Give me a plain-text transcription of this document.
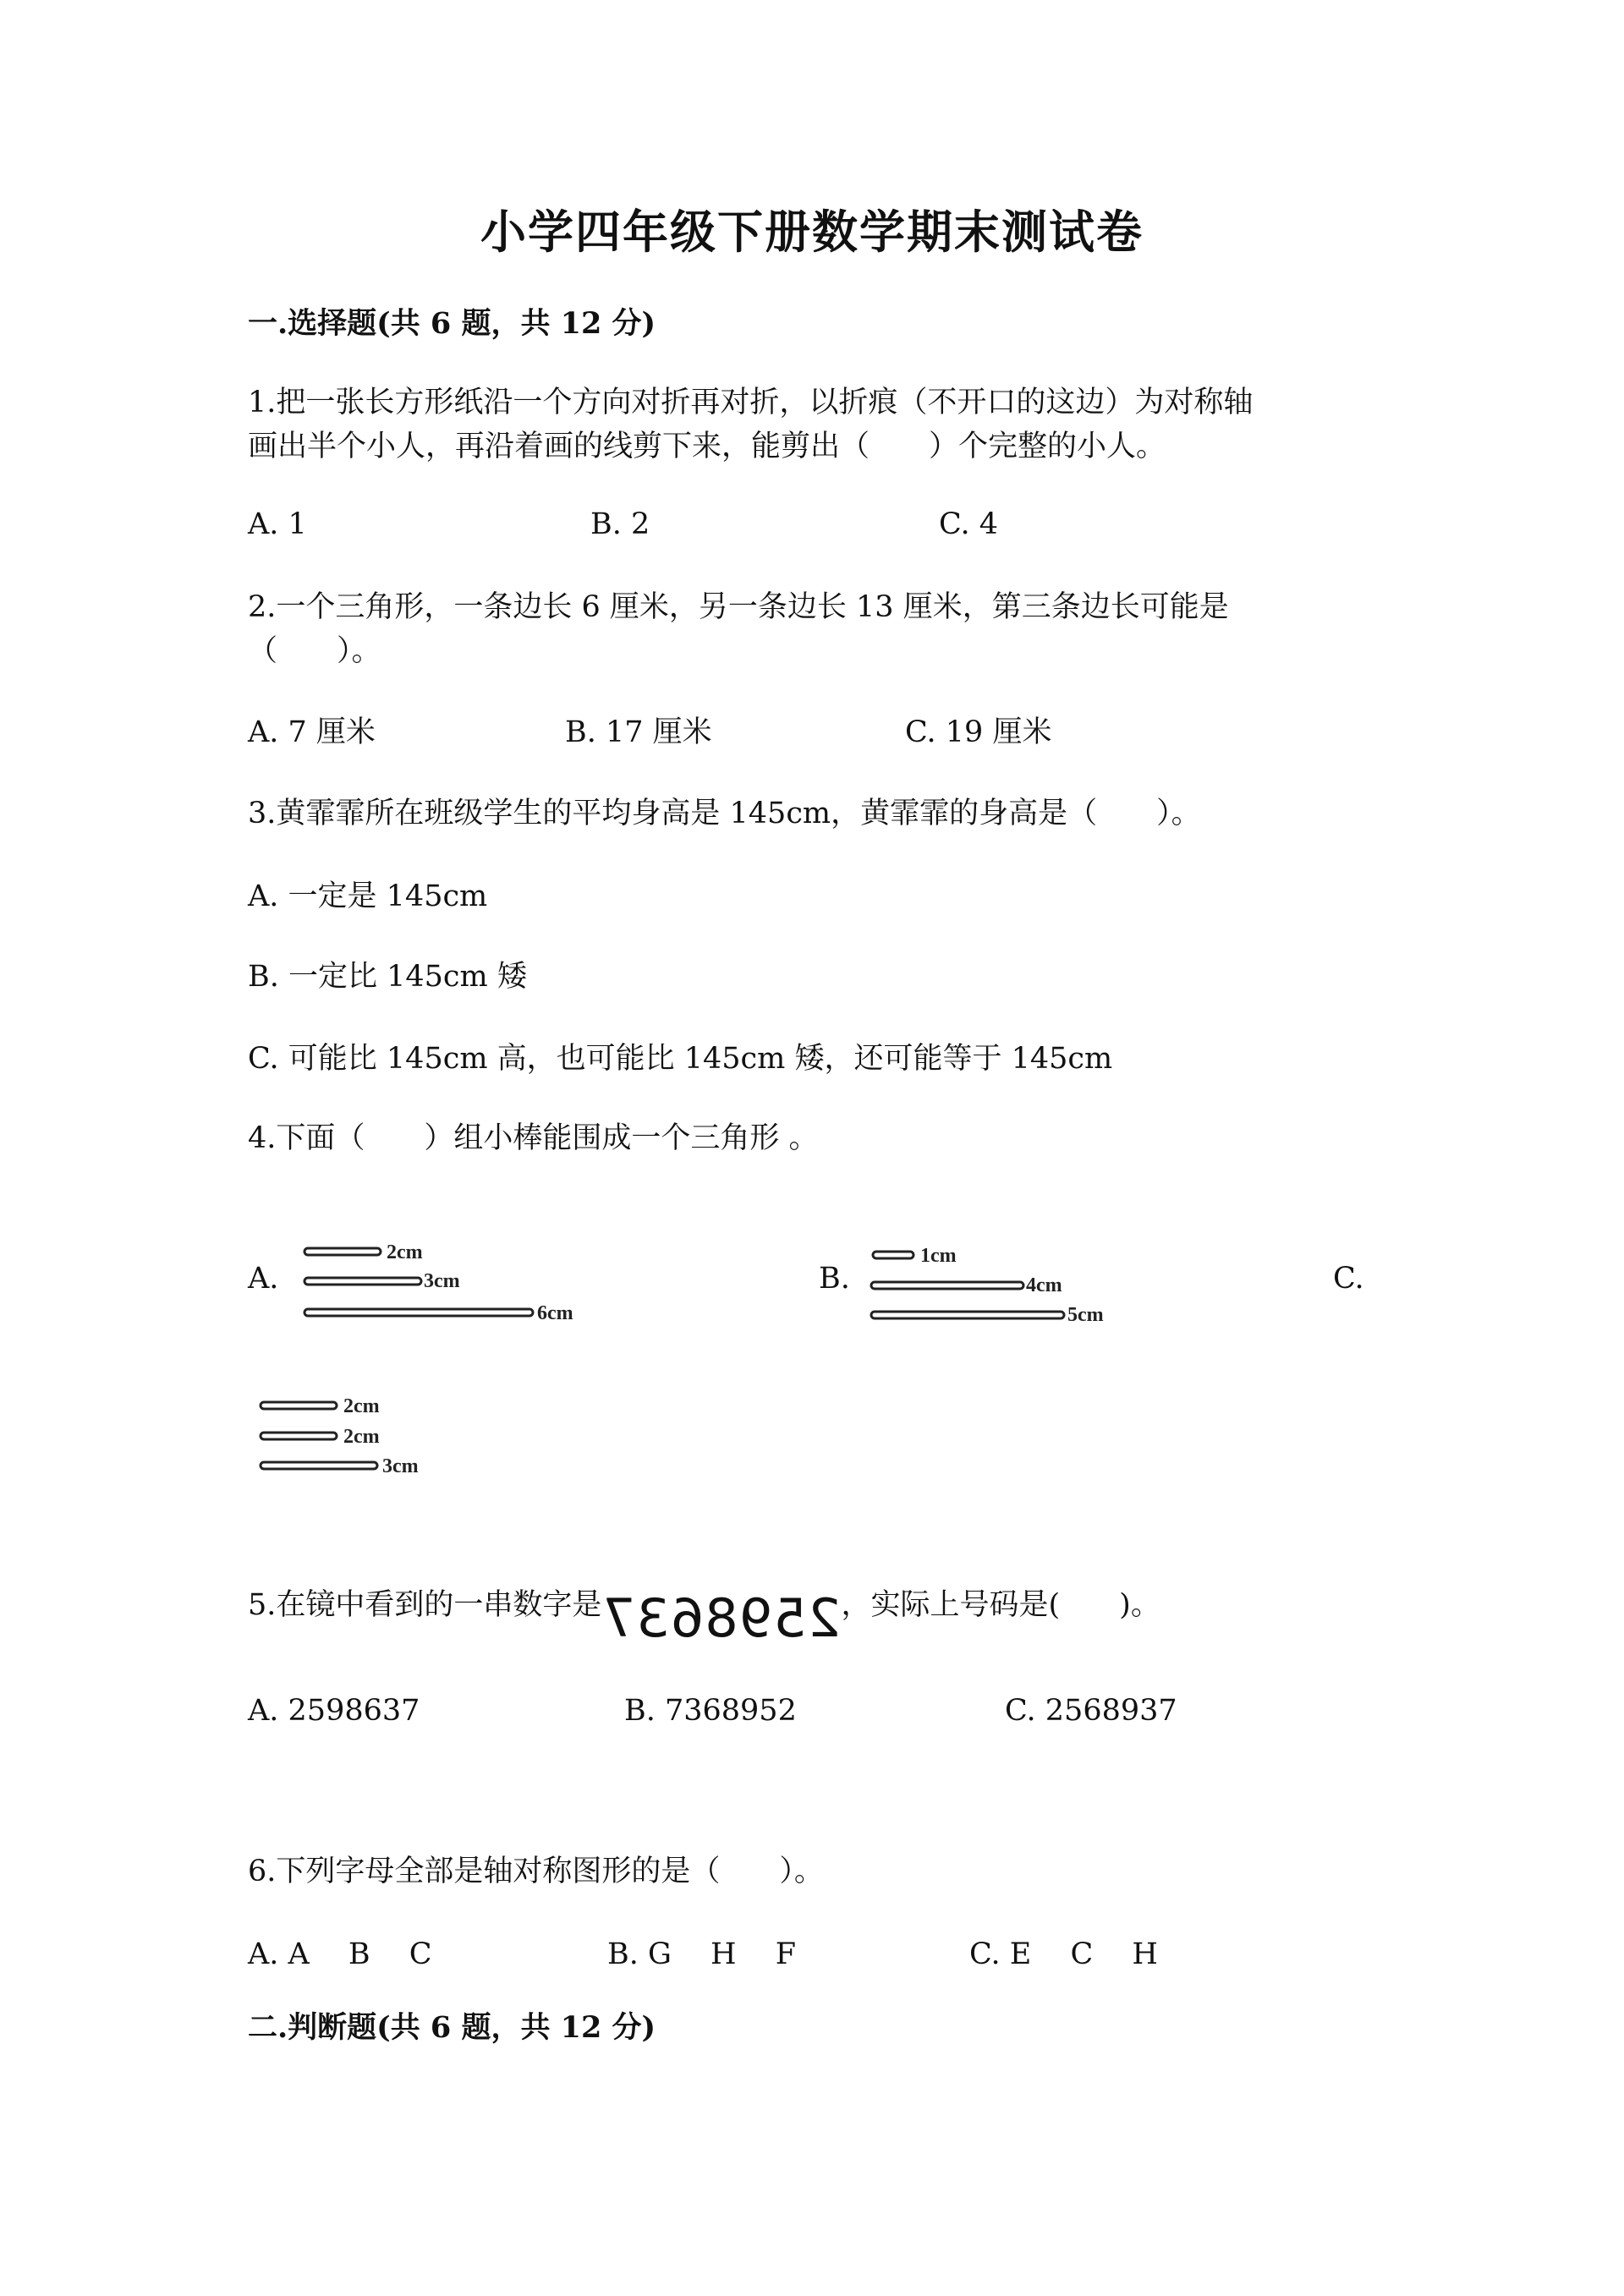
小学四年级下册数学期末测试卷
一.选择题(共 6 题，共 12 分)
1.把一张长方形纸沿一个方向对折再对折，以折痕（不开口的这边）为对称轴
画出半个小人，再沿着画的线剪下来，能剪出（　　）个完整的小人。
A. 1	B. 2	C. 4
2.一个三角形，一条边长 6 厘米，另一条边长 13 厘米，第三条边长可能是
（　　）。
A. 7 厘米	B. 17 厘米	C. 19 厘米
3.黄霏霏所在班级学生的平均身高是 145cm，黄霏霏的身高是（　　）。
A. 一定是 145cm
B. 一定比 145cm 矮
C. 可能比 145cm 高，也可能比 145cm 矮，还可能等于 145cm
4.下面（　　）组小棒能围成一个三角形 。
A.
2cm
3cm
6cm
B.
1cm
4cm
5cm
C.
2cm
2cm
3cm
5.在镜中看到的一串数字是2598637，实际上号码是(　　)。
A. 2598637	B. 7368952	C. 2568937
6.下列字母全部是轴对称图形的是（　　）。
A. A　 B　 C	B. G　 H　 F	C. E　 C　 H
二.判断题(共 6 题，共 12 分)
